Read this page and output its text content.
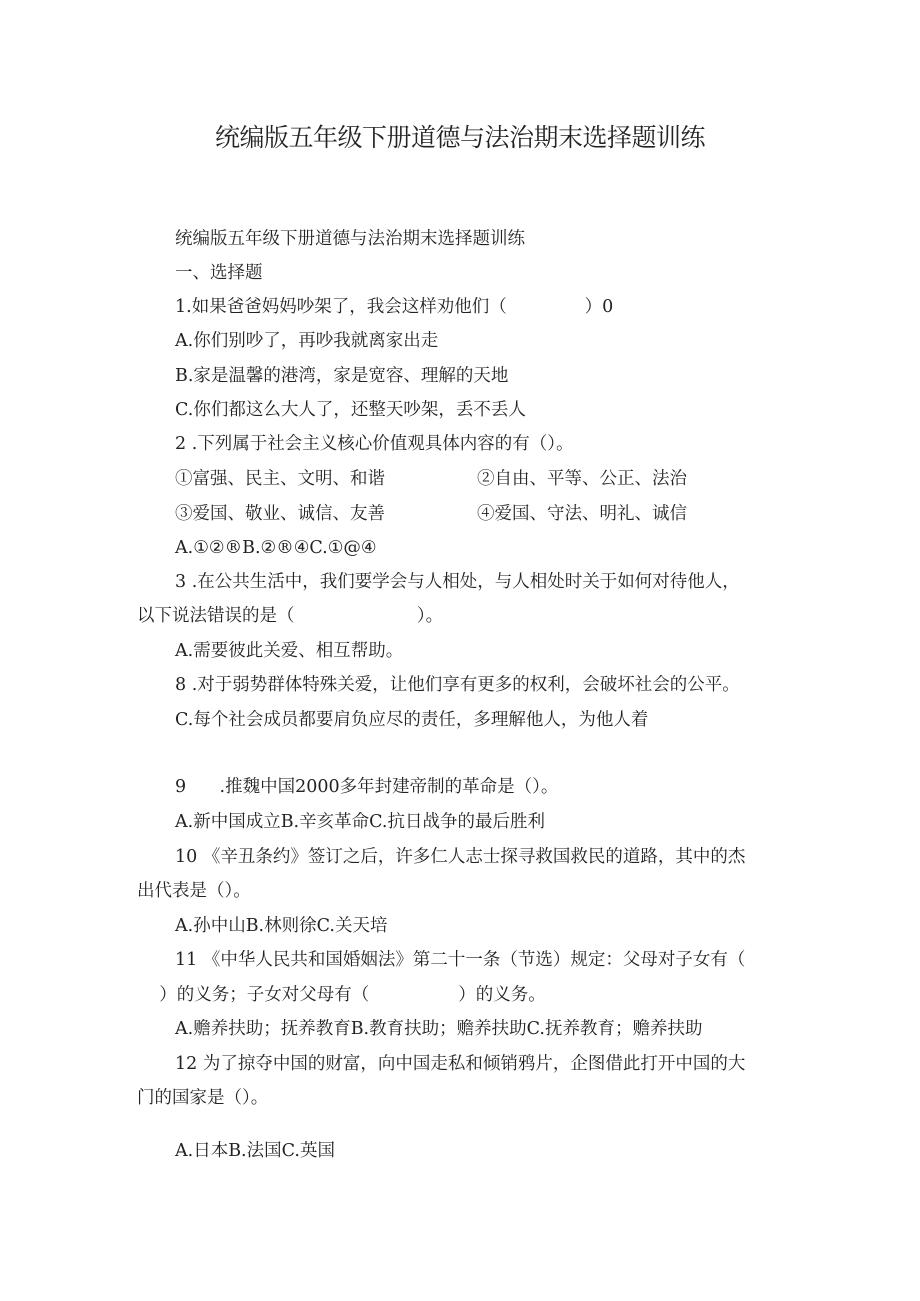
统编版五年级下册道德与法治期末选择题训练
统编版五年级下册道德与法治期末选择题训练
一、选择题
1.如果爸爸妈妈吵架了，我会这样劝他们（              ）0
A.你们别吵了，再吵我就离家出走
B.家是温馨的港湾，家是宽容、理解的天地
C.你们都这么大人了，还整天吵架，丢不丢人
2 .下列属于社会主义核心价值观具体内容的有（）。
①富强、民主、文明、和谐	②自由、平等、公正、法治
③爱国、敬业、诚信、友善	④爱国、守法、明礼、诚信
A.①②®B.②®④C.①@④
3 .在公共生活中，我们要学会与人相处，与人相处时关于如何对待他人，
以下说法错误的是（                      ）。
A.需要彼此关爱、相互帮助。
8 .对于弱势群体特殊关爱，让他们享有更多的权利，会破坏社会的公平。
C.每个社会成员都要肩负应尽的责任，多理解他人，为他人着
9      .推魏中国2000多年封建帝制的革命是（）。
A.新中国成立B.辛亥革命C.抗日战争的最后胜利
10 《辛丑条约》签订之后，许多仁人志士探寻救国救民的道路，其中的杰
出代表是（）。
A.孙中山B.林则徐C.关天培
11 《中华人民共和国婚姻法》第二十一条（节选）规定：父母对子女有（
）的义务；子女对父母有（                ）的义务。
A.赡养扶助；抚养教育B.教育扶助；赡养扶助C.抚养教育；赡养扶助
12 为了掠夺中国的财富，向中国走私和倾销鸦片，企图借此打开中国的大
门的国家是（）。
A.日本B.法国C.英国
